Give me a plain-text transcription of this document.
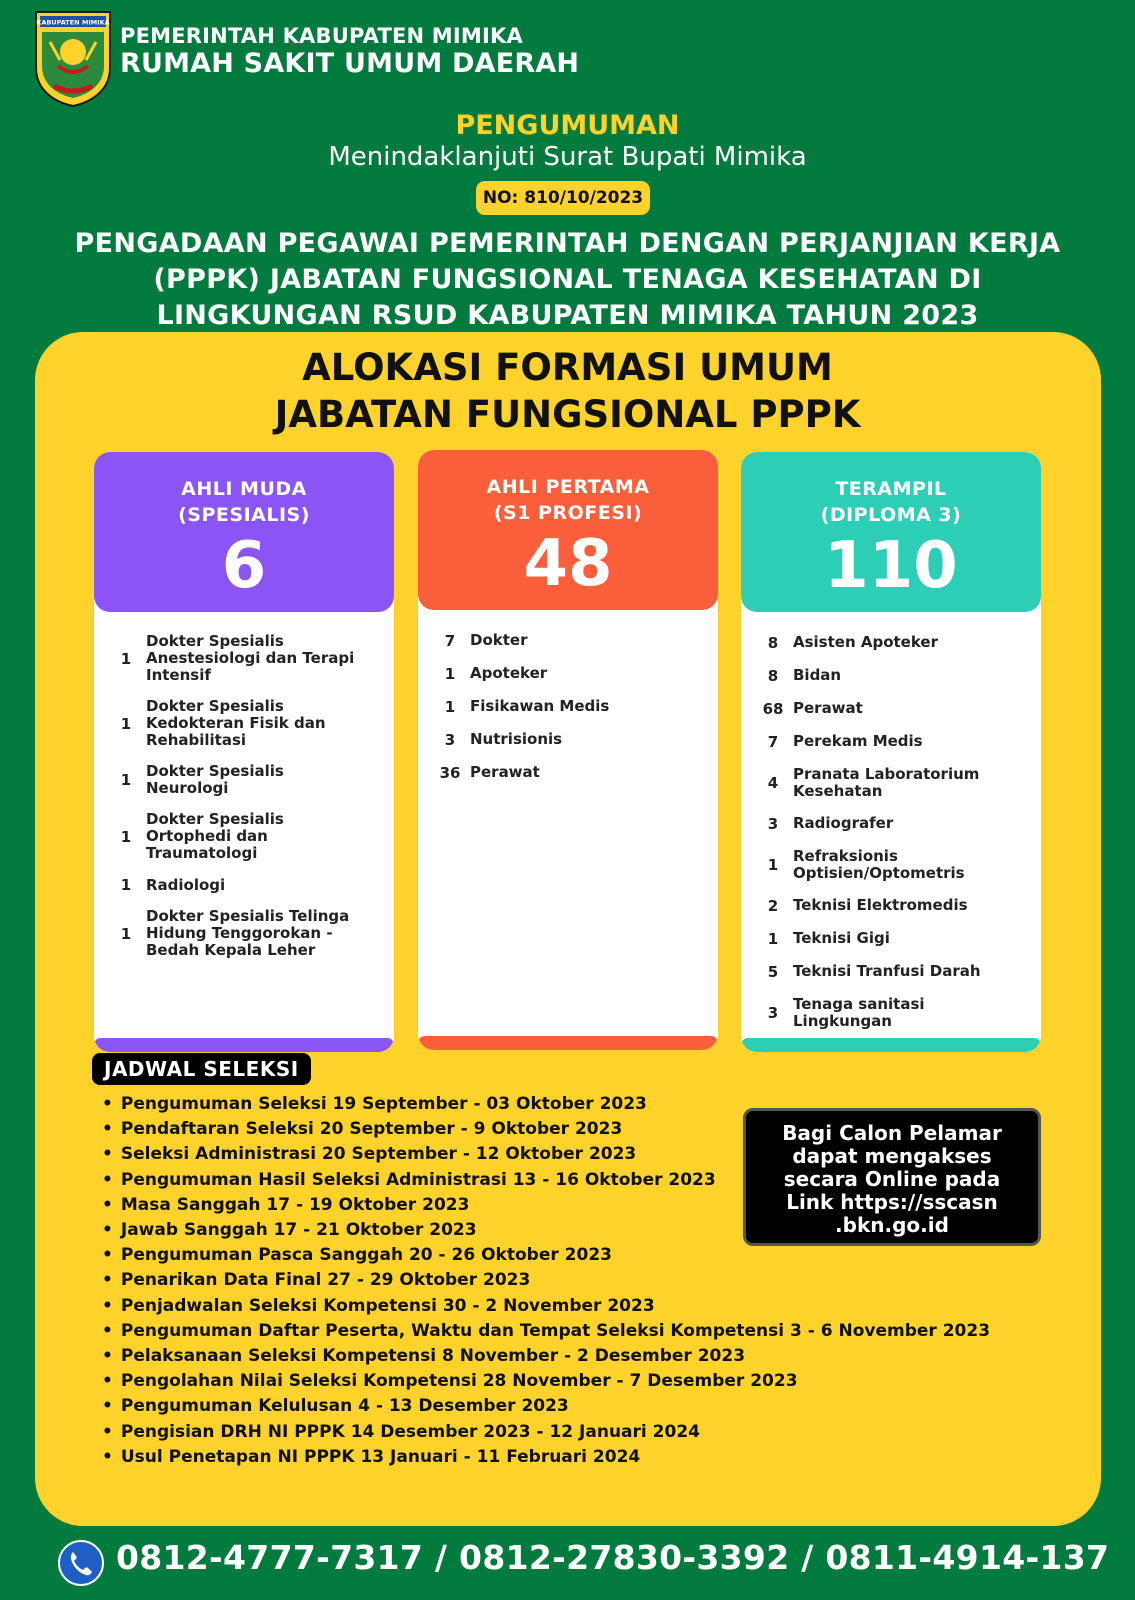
KABUPATEN MIMIKA
PEMERINTAH KABUPATEN MIMIKA
RUMAH SAKIT UMUM DAERAH
PENGUMUMAN
Menindaklanjuti Surat Bupati Mimika
NO: 810/10/2023
PENGADAAN PEGAWAI PEMERINTAH DENGAN PERJANJIAN KERJA (PPPK) JABATAN FUNGSIONAL TENAGA KESEHATAN DI LINGKUNGAN RSUD KABUPATEN MIMIKA TAHUN 2023
ALOKASI FORMASI UMUM JABATAN FUNGSIONAL PPPK
AHLI MUDA (SPESIALIS)
6
1
Dokter Spesialis Anestesiologi dan Terapi Intensif
1
Dokter Spesialis Kedokteran Fisik dan Rehabilitasi
1 Dokter Spesialis Neurologi
1
Dokter Spesialis Ortophedi dan Traumatologi
1 Radiologi
1
Dokter Spesialis Telinga Hidung Tenggorokan - Bedah Kepala Leher
AHLI PERTAMA (S1 PROFESI)
48
7 Dokter
1 Apoteker
1 Fisikawan Medis
3 Nutrisionis
36 Perawat
TERAMPIL (DIPLOMA 3)
110
8 Asisten Apoteker
8 Bidan
68 Perawat
7 Perekam Medis
4 Pranata Laboratorium Kesehatan
3 Radiografer
1 Refraksionis Optisien/Optometris
2 Teknisi Elektromedis
1 Teknisi Gigi
5 Teknisi Tranfusi Darah
3 Tenaga sanitasi Lingkungan
JADWAL SELEKSI
• Pengumuman Seleksi 19 September - 03 Oktober 2023
• Pendaftaran Seleksi 20 September - 9 Oktober 2023
• Seleksi Administrasi 20 September - 12 Oktober 2023
• Pengumuman Hasil Seleksi Administrasi 13 - 16 Oktober 2023
• Masa Sanggah 17 - 19 Oktober 2023
• Jawab Sanggah 17 - 21 Oktober 2023
• Pengumuman Pasca Sanggah 20 - 26 Oktober 2023
• Penarikan Data Final 27 - 29 Oktober 2023
• Penjadwalan Seleksi Kompetensi 30 - 2 November 2023
• Pengumuman Daftar Peserta, Waktu dan Tempat Seleksi Kompetensi 3 - 6 November 2023
• Pelaksanaan Seleksi Kompetensi 8 November - 2 Desember 2023
• Pengolahan Nilai Seleksi Kompetensi 28 November - 7 Desember 2023
• Pengumuman Kelulusan 4 - 13 Desember 2023
• Pengisian DRH NI PPPK 14 Desember 2023 - 12 Januari 2024
• Usul Penetapan NI PPPK 13 Januari - 11 Februari 2024
Bagi Calon Pelamar dapat mengakses secara Online pada Link https://sscasn .bkn.go.id
0812-4777-7317 / 0812-27830-3392 / 0811-4914-137
